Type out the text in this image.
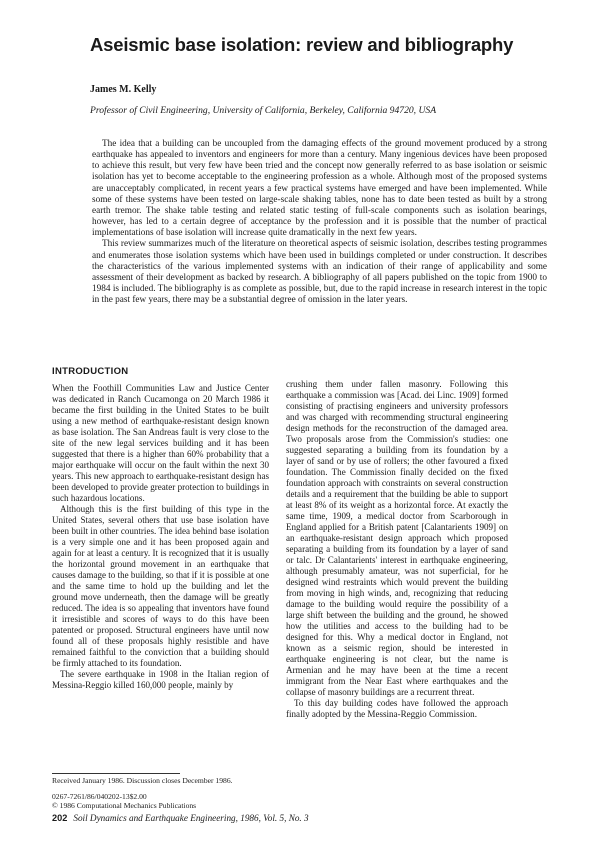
Aseismic base isolation: review and bibliography

James M. Kelly

Professor of Civil Engineering, University of California, Berkeley, California 94720, USA

The idea that a building can be uncoupled from the damaging effects of the ground movement produced by a strong earthquake has appealed to inventors and engineers for more than a century. Many ingenious devices have been proposed to achieve this result, but very few have been tried and the concept now generally referred to as base isolation or seismic isolation has yet to become acceptable to the engineering profession as a whole. Although most of the proposed systems are unacceptably complicated, in recent years a few practical systems have emerged and have been implemented. While some of these systems have been tested on large-scale shaking tables, none has to date been tested as built by a strong earth tremor. The shake table testing and related static testing of full-scale components such as isolation bearings, however, has led to a certain degree of acceptance by the profession and it is possible that the number of practical implementations of base isolation will increase quite dramatically in the next few years.

This review summarizes much of the literature on theoretical aspects of seismic isolation, describes testing programmes and enumerates those isolation systems which have been used in buildings completed or under construction. It describes the characteristics of the various implemented systems with an indication of their range of applicability and some assessment of their development as backed by research. A bibliography of all papers published on the topic from 1900 to 1984 is included. The bibliography is as complete as possible, but, due to the rapid increase in research interest in the topic in the past few years, there may be a substantial degree of omission in the later years.

INTRODUCTION

When the Foothill Communities Law and Justice Center was dedicated in Ranch Cucamonga on 20 March 1986 it became the first building in the United States to be built using a new method of earthquake-resistant design known as base isolation. The San Andreas fault is very close to the site of the new legal services building and it has been suggested that there is a higher than 60% probability that a major earthquake will occur on the fault within the next 30 years. This new approach to earthquake-resistant design has been developed to provide greater protection to buildings in such hazardous locations.

Although this is the first building of this type in the United States, several others that use base isolation have been built in other countries. The idea behind base isolation is a very simple one and it has been proposed again and again for at least a century. It is recognized that it is usually the horizontal ground movement in an earthquake that causes damage to the building, so that if it is possible at one and the same time to hold up the building and let the ground move underneath, then the damage will be greatly reduced. The idea is so appealing that inventors have found it irresistible and scores of ways to do this have been patented or proposed. Structural engineers have until now found all of these proposals highly resistible and have remained faithful to the conviction that a building should be firmly attached to its foundation.

The severe earthquake in 1908 in the Italian region of Messina-Reggio killed 160,000 people, mainly by

crushing them under fallen masonry. Following this earthquake a commission was [Acad. dei Linc. 1909] formed consisting of practising engineers and university professors and was charged with recommending structural engineering design methods for the reconstruction of the damaged area. Two proposals arose from the Commission's studies: one suggested separating a building from its foundation by a layer of sand or by use of rollers; the other favoured a fixed foundation. The Commission finally decided on the fixed foundation approach with constraints on several construction details and a requirement that the building be able to support at least 8% of its weight as a horizontal force. At exactly the same time, 1909, a medical doctor from Scarborough in England applied for a British patent [Calantarients 1909] on an earthquake-resistant design approach which proposed separating a building from its foundation by a layer of sand or talc. Dr Calantarients' interest in earthquake engineering, although presumably amateur, was not superficial, for he designed wind restraints which would prevent the building from moving in high winds, and, recognizing that reducing damage to the building would require the possibility of a large shift between the building and the ground, he showed how the utilities and access to the building had to be designed for this. Why a medical doctor in England, not known as a seismic region, should be interested in earthquake engineering is not clear, but the name is Armenian and he may have been at the time a recent immigrant from the Near East where earthquakes and the collapse of masonry buildings are a recurrent threat.

To this day building codes have followed the approach finally adopted by the Messina-Reggio Commission.

Received January 1986. Discussion closes December 1986.

0267-7261/86/040202-13$2.00

© 1986 Computational Mechanics Publications

202 Soil Dynamics and Earthquake Engineering, 1986, Vol. 5, No. 3
